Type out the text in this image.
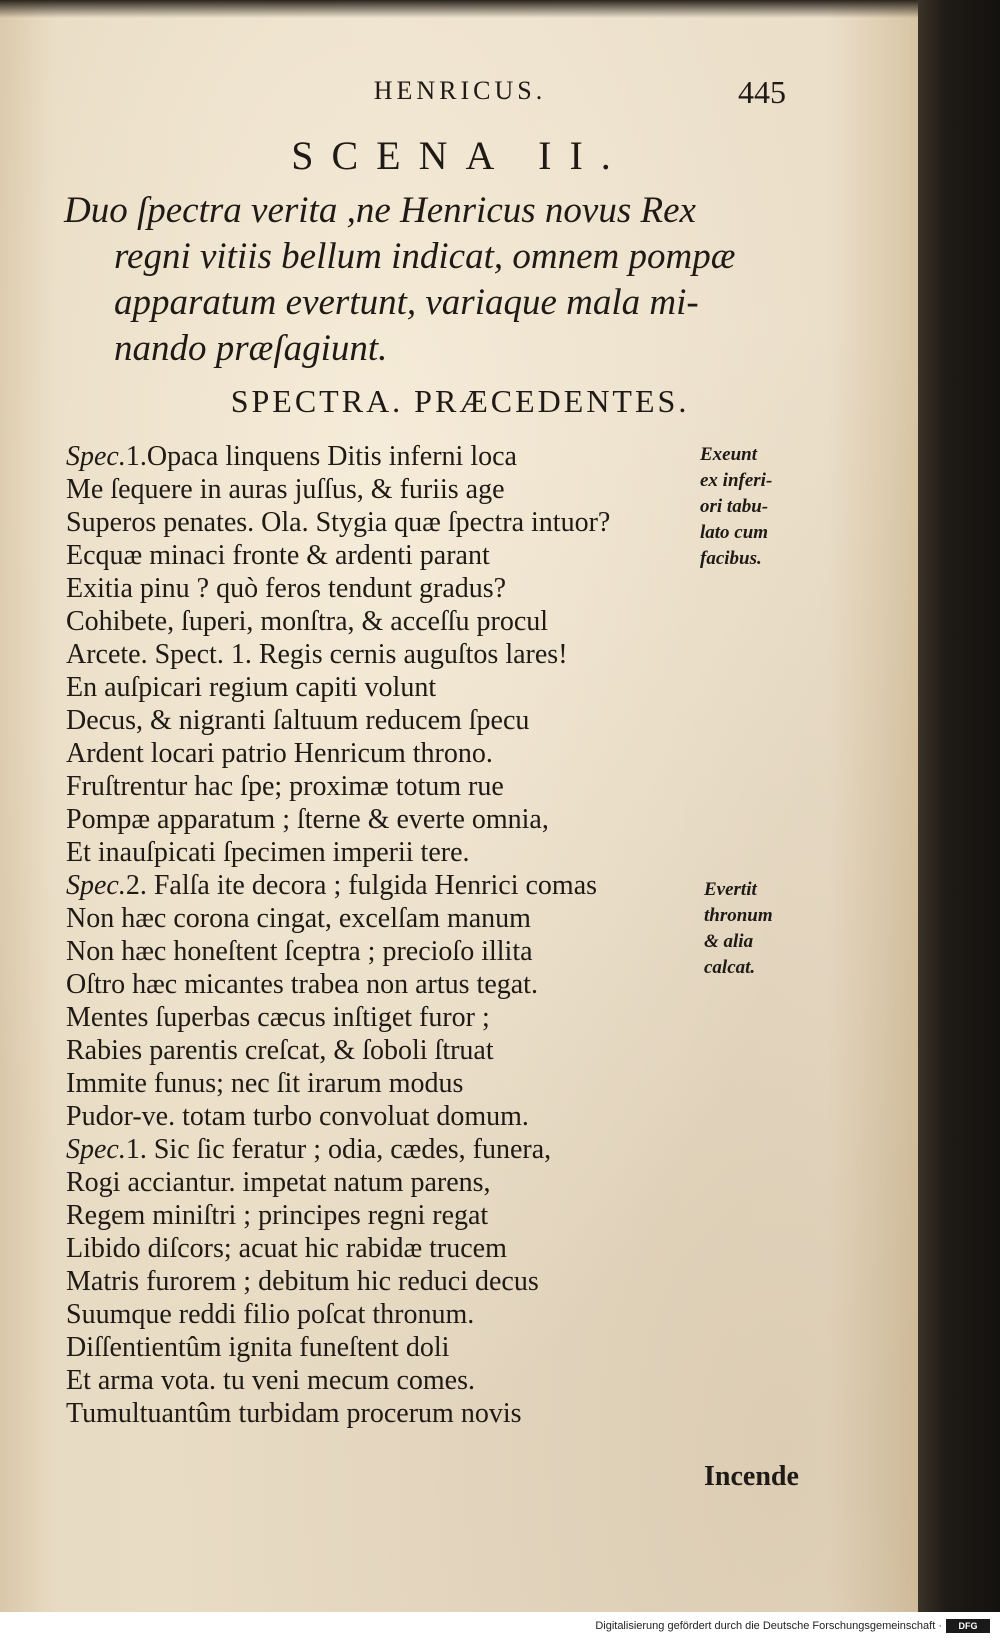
HENRICUS.	445
SCENA II.
Duo ſpectra verita ,ne Henricus novus Rex
regni vitiis bellum indicat, omnem pompæ
apparatum evertunt, variaque mala mi-
nando præſagiunt.
SPECTRA. PRÆCEDENTES.
Spec.1.Opaca linquens Ditis inferni loca
Me ſequere in auras juſſus, & furiis age
Superos penates. Ola. Stygia quæ ſpectra intuor?
Ecquæ minaci fronte & ardenti parant
Exitia pinu ? quò feros tendunt gradus?
Cohibete, ſuperi, monſtra, & acceſſu procul
Arcete. Spect. 1. Regis cernis auguſtos lares!
En auſpicari regium capiti volunt
Decus, & nigranti ſaltuum reducem ſpecu
Ardent locari patrio Henricum throno.
Fruſtrentur hac ſpe; proximæ totum rue
Pompæ apparatum ; ſterne & everte omnia,
Et inauſpicati ſpecimen imperii tere.
Spec.2. Falſa ite decora ; fulgida Henrici comas
Non hæc corona cingat, excelſam manum
Non hæc honeſtent ſceptra ; precioſo illita
Oſtro hæc micantes trabea non artus tegat.
Mentes ſuperbas cæcus inſtiget furor ;
Rabies parentis creſcat, & ſoboli ſtruat
Immite funus; nec ſit irarum modus
Pudor-ve. totam turbo convoluat domum.
Spec.1. Sic ſic feratur ; odia, cædes, funera,
Rogi acciantur. impetat natum parens,
Regem miniſtri ; principes regni regat
Libido diſcors; acuat hic rabidæ trucem
Matris furorem ; debitum hic reduci decus
Suumque reddi filio poſcat thronum.
Diſſentientûm ignita funeſtent doli
Et arma vota. tu veni mecum comes.
Tumultuantûm turbidam procerum novis
Exeunt
ex inferi-
ori tabu-
lato cum
facibus.
Evertit
thronum
& alia
calcat.
Incende
Digitalisierung gefördert durch die Deutsche Forschungsgemeinschaft ·	DFG
